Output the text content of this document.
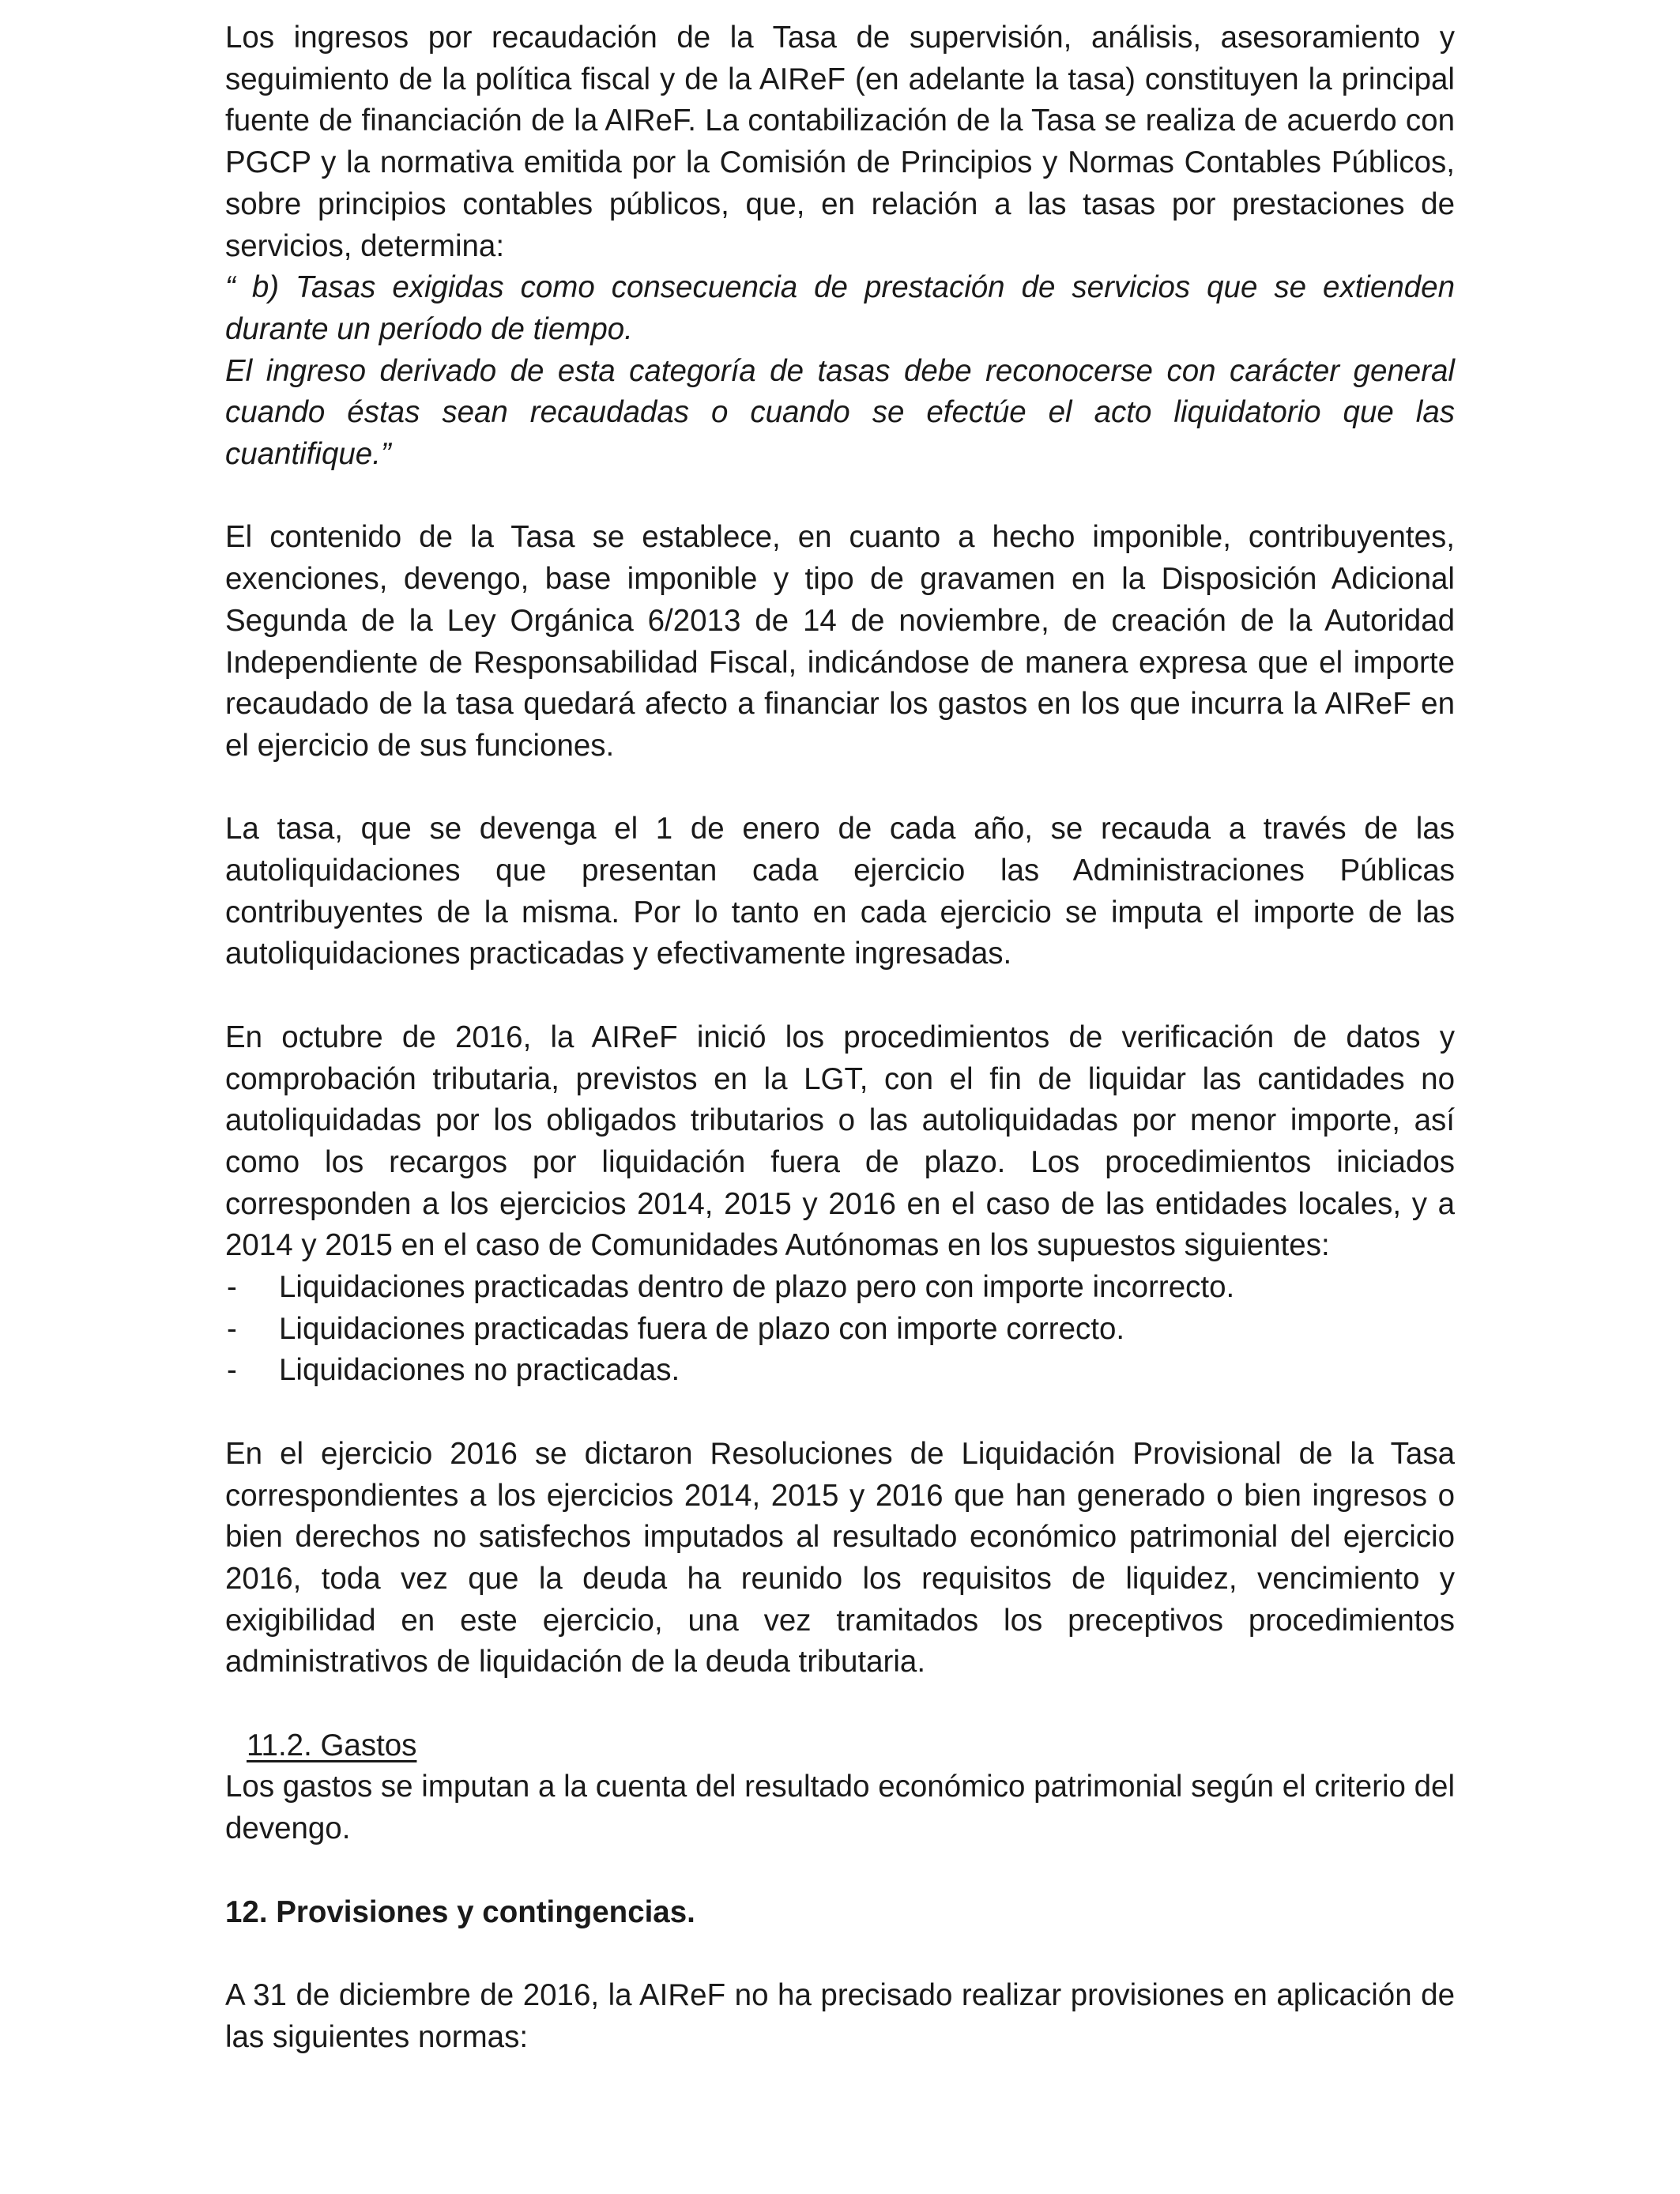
Los ingresos por recaudación de la Tasa de supervisión, análisis, asesoramiento y seguimiento de la política fiscal y de la AIReF (en adelante la tasa) constituyen la principal fuente de financiación de la AIReF. La contabilización de la Tasa se realiza de acuerdo con PGCP y la normativa emitida por la Comisión de Principios y Normas Contables Públicos, sobre principios contables públicos, que, en relación a las tasas por prestaciones de servicios, determina:

“ b) Tasas exigidas como consecuencia de prestación de servicios que se extienden durante un período de tiempo.

El ingreso derivado de esta categoría de tasas debe reconocerse con carácter general cuando éstas sean recaudadas o cuando se efectúe el acto liquidatorio que las cuantifique.”

El contenido de la Tasa se establece, en cuanto a hecho imponible, contribuyentes, exenciones, devengo, base imponible y tipo de gravamen en la Disposición Adicional Segunda de la Ley Orgánica 6/2013 de 14 de noviembre, de creación de la Autoridad Independiente de Responsabilidad Fiscal, indicándose de manera expresa que el importe recaudado de la tasa quedará afecto a financiar los gastos en los que incurra la AIReF en el ejercicio de sus funciones.

La tasa, que se devenga el 1 de enero de cada año, se recauda a través de las autoliquidaciones que presentan cada ejercicio las Administraciones Públicas contribuyentes de la misma. Por lo tanto en cada ejercicio se imputa el importe de las autoliquidaciones practicadas y efectivamente ingresadas.

En octubre de 2016, la AIReF inició los procedimientos de verificación de datos y comprobación tributaria, previstos en la LGT, con el fin de liquidar las cantidades no autoliquidadas por los obligados tributarios o las autoliquidadas por menor importe, así como los recargos por liquidación fuera de plazo. Los procedimientos iniciados corresponden a los ejercicios 2014, 2015 y 2016 en el caso de las entidades locales, y a 2014 y 2015 en el caso de Comunidades Autónomas en los supuestos siguientes:

- Liquidaciones practicadas dentro de plazo pero con importe incorrecto.
- Liquidaciones practicadas fuera de plazo con importe correcto.
- Liquidaciones no practicadas.

En el ejercicio 2016 se dictaron Resoluciones de Liquidación Provisional de la Tasa correspondientes a los ejercicios 2014, 2015 y 2016 que han generado o bien ingresos o bien derechos no satisfechos imputados al resultado económico patrimonial del ejercicio 2016, toda vez que la deuda ha reunido los requisitos de liquidez, vencimiento y exigibilidad en este ejercicio, una vez tramitados los preceptivos procedimientos administrativos de liquidación de la deuda tributaria.

11.2. Gastos

Los gastos se imputan a la cuenta del resultado económico patrimonial según el criterio del devengo.

12. Provisiones y contingencias.

A 31 de diciembre de 2016, la AIReF no ha precisado realizar provisiones en aplicación de las siguientes normas:
